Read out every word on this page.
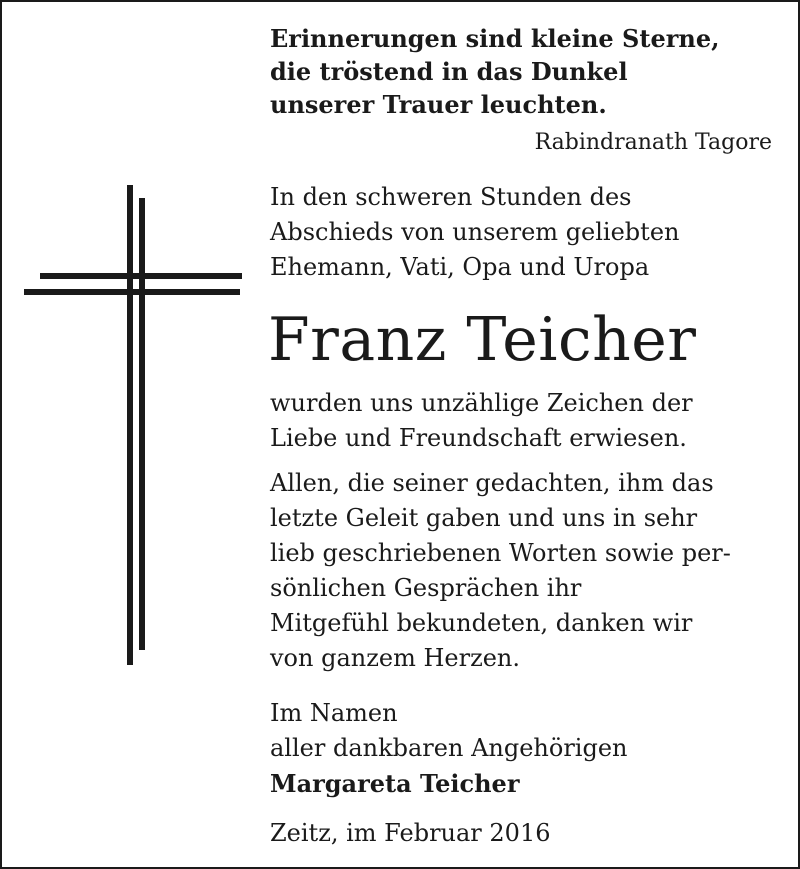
Erinnerungen sind kleine Sterne,
die tröstend in das Dunkel
unserer Trauer leuchten.
Rabindranath Tagore
In den schweren Stunden des
Abschieds von unserem geliebten
Ehemann, Vati, Opa und Uropa
Franz Teicher
wurden uns unzählige Zeichen der
Liebe und Freundschaft erwiesen.
Allen, die seiner gedachten, ihm das
letzte Geleit gaben und uns in sehr
lieb geschriebenen Worten sowie per-
sönlichen Gesprächen ihr
Mitgefühl bekundeten, danken wir
von ganzem Herzen.
Im Namen
aller dankbaren Angehörigen
Margareta Teicher
Zeitz, im Februar 2016
